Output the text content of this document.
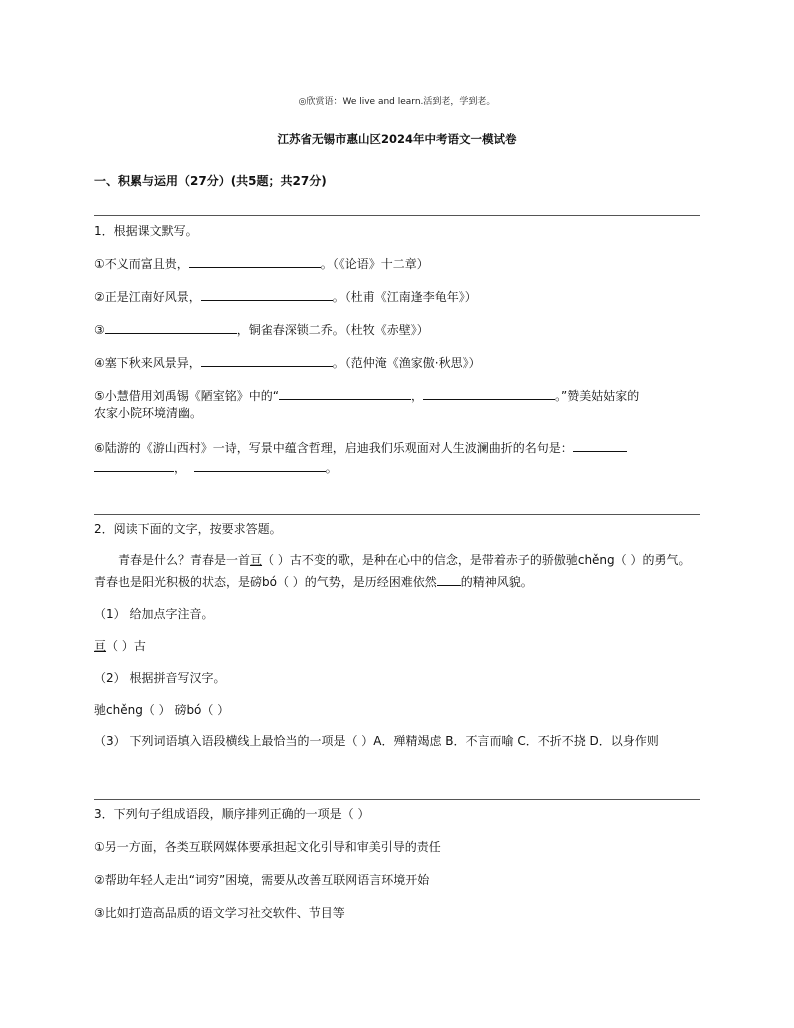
◎欣赏语：We live and learn.活到老，学到老。
江苏省无锡市惠山区2024年中考语文一模试卷
一、积累与运用（27分）(共5题；共27分)
1．根据课文默写。
①不义而富且贵，	。（《论语》十二章）
②正是江南好风景，	。（杜甫《江南逢李龟年》）
③	，铜雀春深锁二乔。（杜牧《赤壁》）
④塞下秋来风景异，	。（范仲淹《渔家傲·秋思》）
⑤小慧借用刘禹锡《陋室铭》中的“	，	。”赞美姑姑家的
农家小院环境清幽。
⑥陆游的《游山西村》一诗，写景中蕴含哲理，启迪我们乐观面对人生波澜曲折的名句是：
，	。
2．阅读下面的文字，按要求答题。
青春是什么？青春是一首亘（ ）古不变的歌，是种在心中的信念，是带着赤子的骄傲驰chěng（ ）的勇气。青春也是阳光积极的状态，是磅bó（ ）的气势，是历经困难依然 的精神风貌。
（1） 给加点字注音。
亘（ ）古
（2） 根据拼音写汉字。
驰chěng（ ） 磅bó（ ）
（3） 下列词语填入语段横线上最恰当的一项是（ ）A．殚精竭虑 B．不言而喻 C．不折不挠 D．以身作则
3．下列句子组成语段，顺序排列正确的一项是（ ）
①另一方面，各类互联网媒体要承担起文化引导和审美引导的责任
②帮助年轻人走出“词穷”困境，需要从改善互联网语言环境开始
③比如打造高品质的语文学习社交软件、节目等
